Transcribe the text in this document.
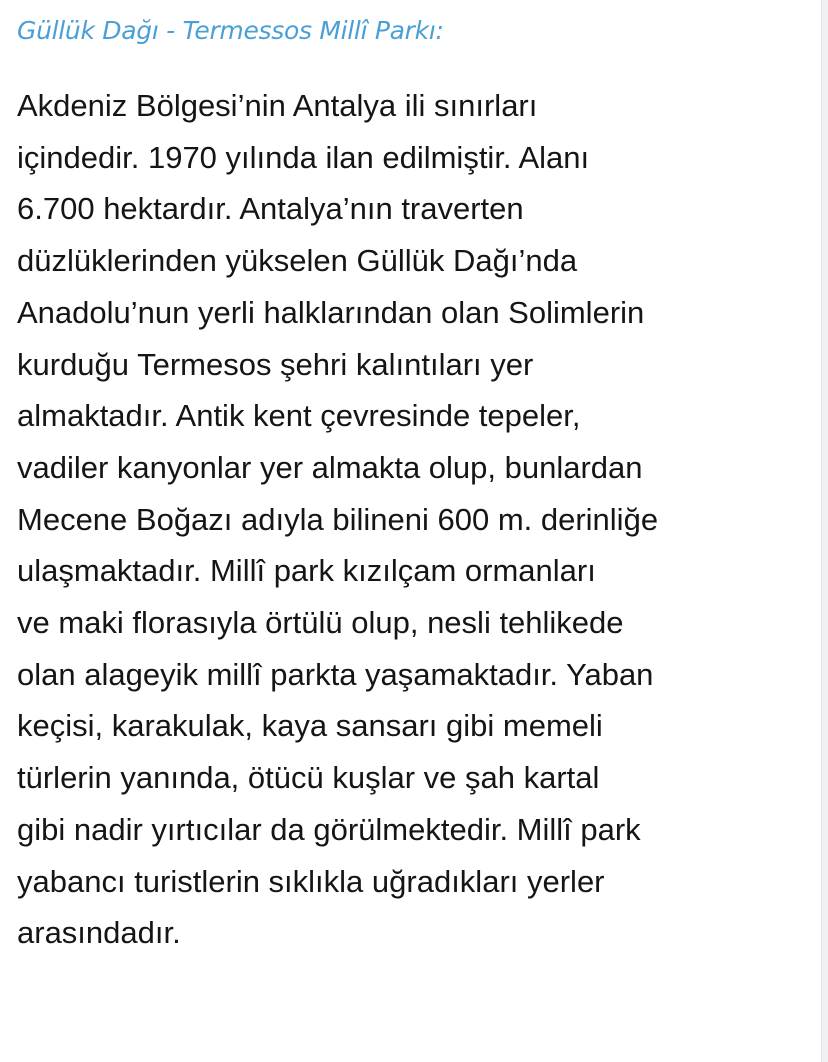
Güllük Dağı - Termessos Millî Parkı:

Akdeniz Bölgesi’nin Antalya ili sınırları
içindedir. 1970 yılında ilan edilmiştir. Alanı
6.700 hektardır. Antalya’nın traverten
düzlüklerinden yükselen Güllük Dağı’nda
Anadolu’nun yerli halklarından olan Solimlerin
kurduğu Termesos şehri kalıntıları yer
almaktadır. Antik kent çevresinde tepeler,
vadiler kanyonlar yer almakta olup, bunlardan
Mecene Boğazı adıyla bilineni 600 m. derinliğe
ulaşmaktadır. Millî park kızılçam ormanları
ve maki florasıyla örtülü olup, nesli tehlikede
olan alageyik millî parkta yaşamaktadır. Yaban
keçisi, karakulak, kaya sansarı gibi memeli
türlerin yanında, ötücü kuşlar ve şah kartal
gibi nadir yırtıcılar da görülmektedir. Millî park
yabancı turistlerin sıklıkla uğradıkları yerler
arasındadır.
